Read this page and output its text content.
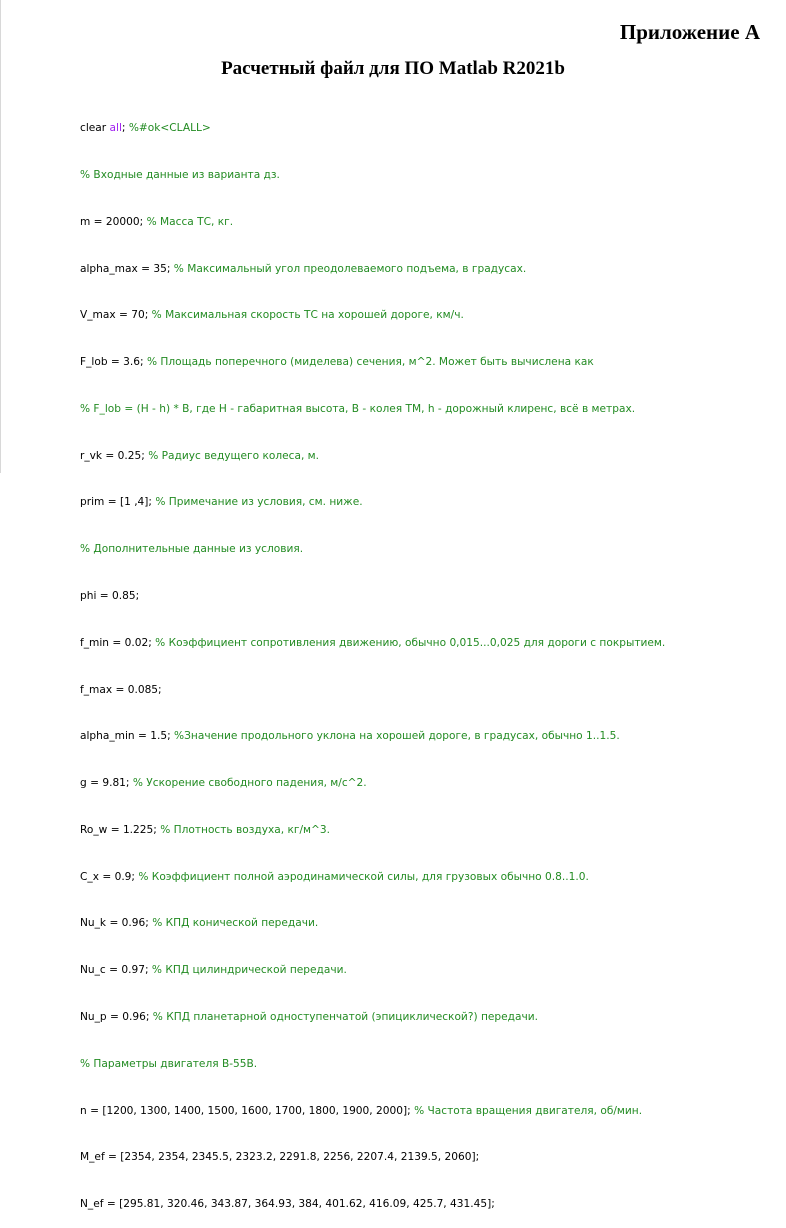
Приложение А
Расчетный файл для ПО Matlab R2021b

clear all; %#ok<CLALL>

% Входные данные из варианта дз.

m = 20000; % Масса ТС, кг.

alpha_max = 35; % Максимальный угол преодолеваемого подъема, в градусах.

V_max = 70; % Максимальная скорость ТС на хорошей дороге, км/ч.

F_lob = 3.6; % Площадь поперечного (миделева) сечения, м^2. Может быть вычислена как

% F_lob = (H - h) * B, где H - габаритная высота, B - колея ТМ, h - дорожный клиренс, всё в метрах.

r_vk = 0.25; % Радиус ведущего колеса, м.

prim = [1 ,4]; % Примечание из условия, см. ниже.

% Дополнительные данные из условия.

phi = 0.85;

f_min = 0.02; % Коэффициент сопротивления движению, обычно 0,015...0,025 для дороги с покрытием.

f_max = 0.085;

alpha_min = 1.5; %Значение продольного уклона на хорошей дороге, в градусах, обычно 1..1.5.

g = 9.81; % Ускорение свободного падения, м/с^2.

Ro_w = 1.225; % Плотность воздуха, кг/м^3.

C_x = 0.9; % Коэффициент полной аэродинамической силы, для грузовых обычно 0.8..1.0.

Nu_k = 0.96; % КПД конической передачи.

Nu_c = 0.97; % КПД цилиндрической передачи.

Nu_p = 0.96; % КПД планетарной одноступенчатой (эпициклической?) передачи.

% Параметры двигателя В-55В.

n = [1200, 1300, 1400, 1500, 1600, 1700, 1800, 1900, 2000]; % Частота вращения двигателя, об/мин.

M_ef = [2354, 2354, 2345.5, 2323.2, 2291.8, 2256, 2207.4, 2139.5, 2060];

N_ef = [295.81, 320.46, 343.87, 364.93, 384, 401.62, 416.09, 425.7, 431.45];
